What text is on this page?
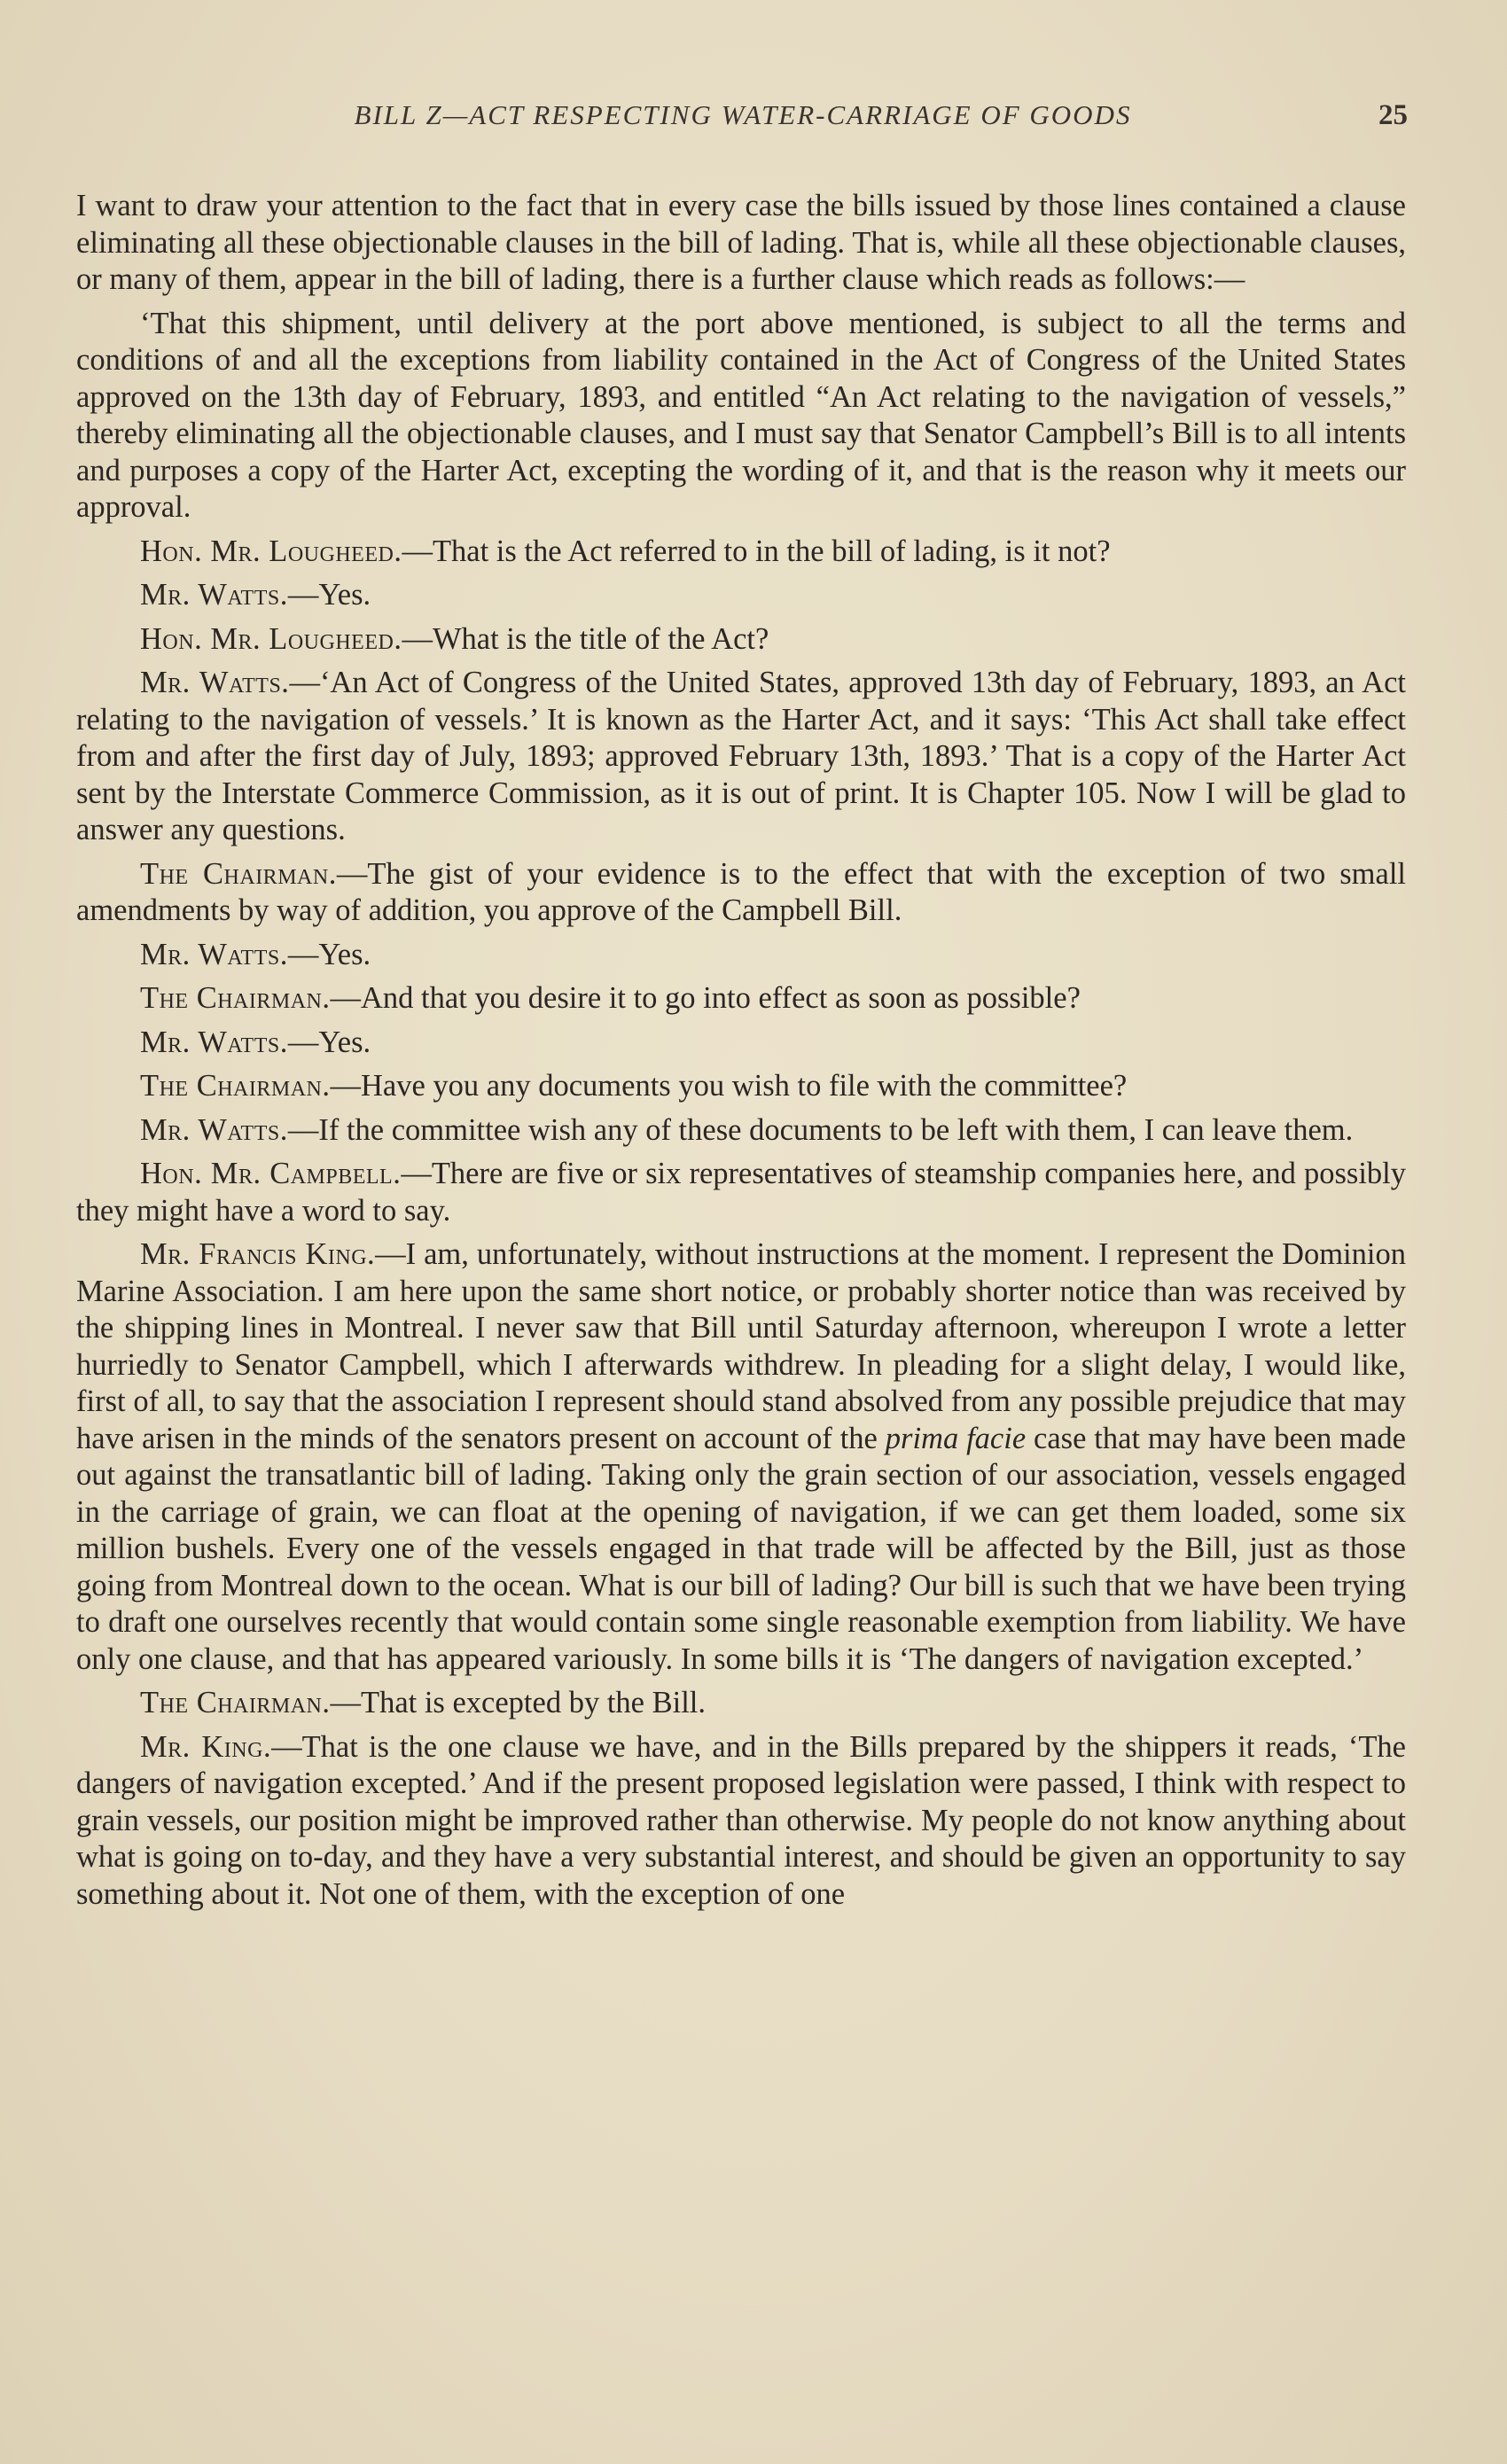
BILL Z—ACT RESPECTING WATER-CARRIAGE OF GOODS	25

I want to draw your attention to the fact that in every case the bills issued by those lines contained a clause eliminating all these objectionable clauses in the bill of lading. That is, while all these objectionable clauses, or many of them, appear in the bill of lading, there is a further clause which reads as follows:—

‘That this shipment, until delivery at the port above mentioned, is subject to all the terms and conditions of and all the exceptions from liability contained in the Act of Congress of the United States approved on the 13th day of February, 1893, and entitled “An Act relating to the navigation of vessels,” thereby eliminating all the objectionable clauses, and I must say that Senator Campbell’s Bill is to all intents and purposes a copy of the Harter Act, excepting the wording of it, and that is the reason why it meets our approval.

Hon. Mr. Lougheed.—That is the Act referred to in the bill of lading, is it not?

Mr. Watts.—Yes.

Hon. Mr. Lougheed.—What is the title of the Act?

Mr. Watts.—‘An Act of Congress of the United States, approved 13th day of February, 1893, an Act relating to the navigation of vessels.’ It is known as the Harter Act, and it says: ‘This Act shall take effect from and after the first day of July, 1893; approved February 13th, 1893.’ That is a copy of the Harter Act sent by the Interstate Commerce Commission, as it is out of print. It is Chapter 105. Now I will be glad to answer any questions.

The Chairman.—The gist of your evidence is to the effect that with the exception of two small amendments by way of addition, you approve of the Campbell Bill.

Mr. Watts.—Yes.

The Chairman.—And that you desire it to go into effect as soon as possible?

Mr. Watts.—Yes.

The Chairman.—Have you any documents you wish to file with the committee?

Mr. Watts.—If the committee wish any of these documents to be left with them, I can leave them.

Hon. Mr. Campbell.—There are five or six representatives of steamship companies here, and possibly they might have a word to say.

Mr. Francis King.—I am, unfortunately, without instructions at the moment. I represent the Dominion Marine Association. I am here upon the same short notice, or probably shorter notice than was received by the shipping lines in Montreal. I never saw that Bill until Saturday afternoon, whereupon I wrote a letter hurriedly to Senator Campbell, which I afterwards withdrew. In pleading for a slight delay, I would like, first of all, to say that the association I represent should stand absolved from any possible prejudice that may have arisen in the minds of the senators present on account of the prima facie case that may have been made out against the transatlantic bill of lading. Taking only the grain section of our association, vessels engaged in the carriage of grain, we can float at the opening of navigation, if we can get them loaded, some six million bushels. Every one of the vessels engaged in that trade will be affected by the Bill, just as those going from Montreal down to the ocean. What is our bill of lading? Our bill is such that we have been trying to draft one ourselves recently that would contain some single reasonable exemption from liability. We have only one clause, and that has appeared variously. In some bills it is ‘The dangers of navigation excepted.’

The Chairman.—That is excepted by the Bill.

Mr. King.—That is the one clause we have, and in the Bills prepared by the shippers it reads, ‘The dangers of navigation excepted.’ And if the present proposed legislation were passed, I think with respect to grain vessels, our position might be improved rather than otherwise. My people do not know anything about what is going on to-day, and they have a very substantial interest, and should be given an opportunity to say something about it. Not one of them, with the exception of one
